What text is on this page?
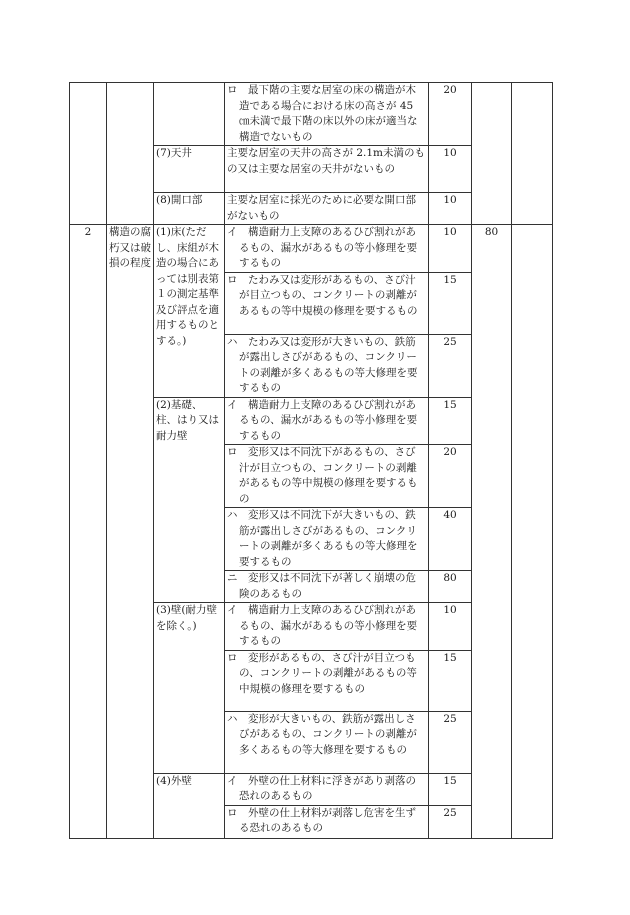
			ロ　最下階の主要な居室の床の構造が木造である場合における床の高さが 45 ㎝未満で最下階の床以外の床が適当な構造でないもの	20		
		(7)天井	主要な居室の天井の高さが 2.1m未満のもの又は主要な居室の天井がないもの	10		
		(8)開口部	主要な居室に採光のために必要な開口部がないもの	10		
2	構造の腐朽又は破損の程度	(1)床(ただし、床組が木造の場合にあっては別表第１の測定基準及び評点を適用するものとする。)	イ　構造耐力上支障のあるひび割れがあるもの、漏水があるもの等小修理を要するもの	10	80	

			ロ　たわみ又は変形があるもの、さび汁が目立つもの、コンクリートの剥離があるもの等中規模の修理を要するもの	15		

			ハ　たわみ又は変形が大きいもの、鉄筋が露出しさびがあるもの、コンクリートの剥離が多くあるもの等大修理を要するもの	25		
		(2)基礎、柱、はり又は耐力壁	イ　構造耐力上支障のあるひび割れがあるもの、漏水があるもの等小修理を要するもの	15		

			ロ　変形又は不同沈下があるもの、さび汁が目立つもの、コンクリートの剥離があるもの等中規模の修理を要するもの	20		

			ハ　変形又は不同沈下が大きいもの、鉄筋が露出しさびがあるもの、コンクリートの剥離が多くあるもの等大修理を要するもの	40		

			ニ　変形又は不同沈下が著しく崩壊の危険のあるもの	80		
		(3)壁(耐力壁を除く。)	イ　構造耐力上支障のあるひび割れがあるもの、漏水があるもの等小修理を要するもの	10		

			ロ　変形があるもの、さび汁が目立つもの、コンクリートの剥離があるもの等中規模の修理を要するもの	15		

			ハ　変形が大きいもの、鉄筋が露出しさびがあるもの、コンクリートの剥離が多くあるもの等大修理を要するもの	25		
		(4)外壁	イ　外壁の仕上材料に浮きがあり剥落の恐れのあるもの	15		

			ロ　外壁の仕上材料が剥落し危害を生ずる恐れのあるもの	25		
